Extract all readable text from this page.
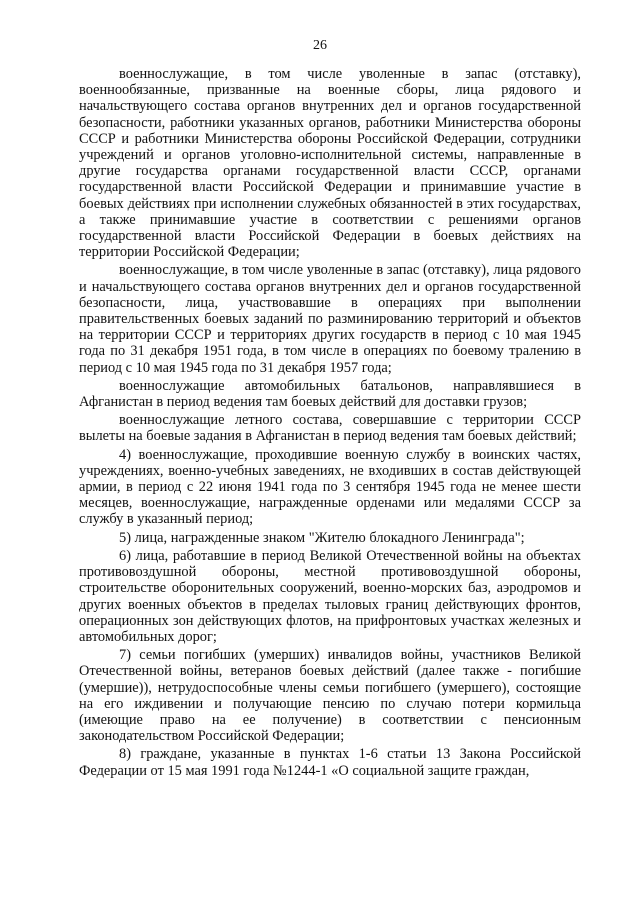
26

военнослужащие, в том числе уволенные в запас (отставку), военнообязанные, призванные на военные сборы, лица рядового и начальствующего состава органов внутренних дел и органов государственной безопасности, работники указанных органов, работники Министерства обороны СССР и работники Министерства обороны Российской Федерации, сотрудники учреждений и органов уголовно-исполнительной системы, направленные в другие государства органами государственной власти СССР, органами государственной власти Российской Федерации и принимавшие участие в боевых действиях при исполнении служебных обязанностей в этих государствах, а также принимавшие участие в соответствии с решениями органов государственной власти Российской Федерации в боевых действиях на территории Российской Федерации;

военнослужащие, в том числе уволенные в запас (отставку), лица рядового и начальствующего состава органов внутренних дел и органов государственной безопасности, лица, участвовавшие в операциях при выполнении правительственных боевых заданий по разминированию территорий и объектов на территории СССР и территориях других государств в период с 10 мая 1945 года по 31 декабря 1951 года, в том числе в операциях по боевому тралению в период с 10 мая 1945 года по 31 декабря 1957 года;

военнослужащие автомобильных батальонов, направлявшиеся в Афганистан в период ведения там боевых действий для доставки грузов;

военнослужащие летного состава, совершавшие с территории СССР вылеты на боевые задания в Афганистан в период ведения там боевых действий;

4) военнослужащие, проходившие военную службу в воинских частях, учреждениях, военно-учебных заведениях, не входивших в состав действующей армии, в период с 22 июня 1941 года по 3 сентября 1945 года не менее шести месяцев, военнослужащие, награжденные орденами или медалями СССР за службу в указанный период;

5) лица, награжденные знаком "Жителю блокадного Ленинграда";

6) лица, работавшие в период Великой Отечественной войны на объектах противовоздушной обороны, местной противовоздушной обороны, строительстве оборонительных сооружений, военно-морских баз, аэродромов и других военных объектов в пределах тыловых границ действующих фронтов, операционных зон действующих флотов, на прифронтовых участках железных и автомобильных дорог;

7) семьи погибших (умерших) инвалидов войны, участников Великой Отечественной войны, ветеранов боевых действий (далее также - погибшие (умершие)), нетрудоспособные члены семьи погибшего (умершего), состоящие на его иждивении и получающие пенсию по случаю потери кормильца (имеющие право на ее получение) в соответствии с пенсионным законодательством Российской Федерации;

8) граждане, указанные в пунктах 1-6 статьи 13 Закона Российской Федерации от 15 мая 1991 года №1244-1 «О социальной защите граждан,
